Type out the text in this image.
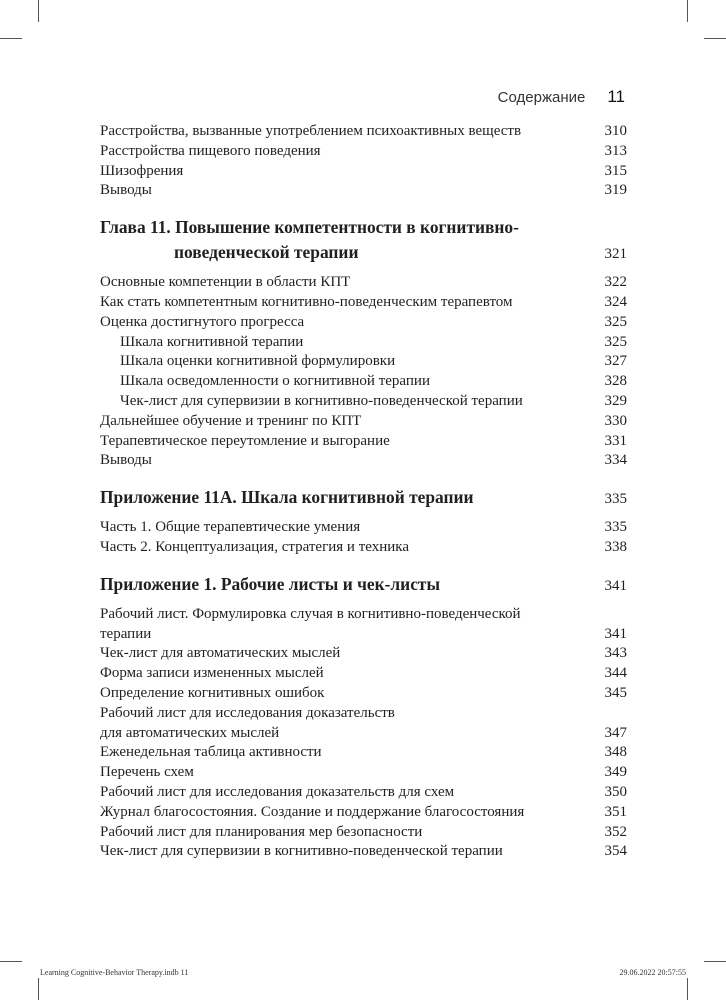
Содержание 11
Расстройства, вызванные употреблением психоактивных веществ	310
Расстройства пищевого поведения	313
Шизофрения	315
Выводы	319
Глава 11. Повышение компетентности в когнитивно-
поведенческой терапии	321
Основные компетенции в области КПТ	322
Как стать компетентным когнитивно-поведенческим терапевтом	324
Оценка достигнутого прогресса	325
Шкала когнитивной терапии	325
Шкала оценки когнитивной формулировки	327
Шкала осведомленности о когнитивной терапии	328
Чек-лист для супервизии в когнитивно-поведенческой терапии	329
Дальнейшее обучение и тренинг по КПТ	330
Терапевтическое переутомление и выгорание	331
Выводы	334
Приложение 11А. Шкала когнитивной терапии	335
Часть 1. Общие терапевтические умения	335
Часть 2. Концептуализация, стратегия и техника	338
Приложение 1. Рабочие листы и чек-листы	341
Рабочий лист. Формулировка случая в когнитивно-поведенческой
терапии	341
Чек-лист для автоматических мыслей	343
Форма записи измененных мыслей	344
Определение когнитивных ошибок	345
Рабочий лист для исследования доказательств
для автоматических мыслей	347
Еженедельная таблица активности	348
Перечень схем	349
Рабочий лист для исследования доказательств для схем	350
Журнал благосостояния. Создание и поддержание благосостояния	351
Рабочий лист для планирования мер безопасности	352
Чек-лист для супервизии в когнитивно-поведенческой терапии	354
Learning Cognitive-Behavior Therapy.indb 11	29.06.2022 20:57:55
